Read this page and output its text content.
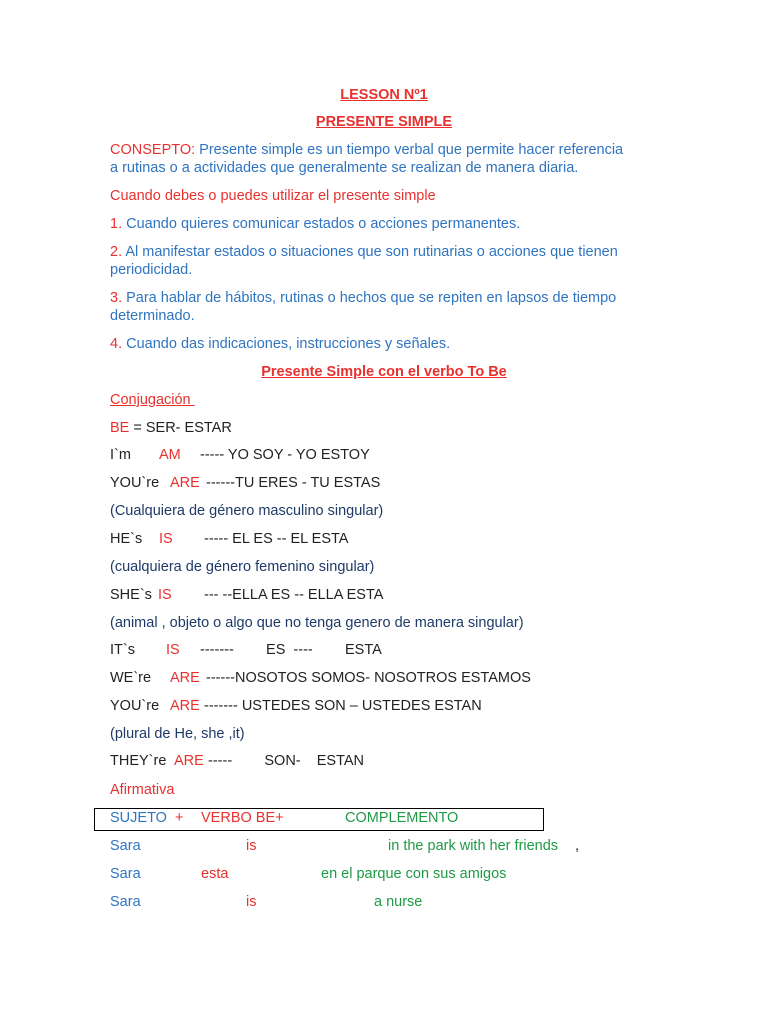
LESSON Nº1
PRESENTE SIMPLE
CONSEPTO: Presente simple es un tiempo verbal que permite hacer referencia
a rutinas o a actividades que generalmente se realizan de manera diaria.
Cuando debes o puedes utilizar el presente simple
1. Cuando quieres comunicar estados o acciones permanentes.
2. Al manifestar estados o situaciones que son rutinarias o acciones que tienen
periodicidad.
3. Para hablar de hábitos, rutinas o hechos que se repiten en lapsos de tiempo
determinado.
4. Cuando das indicaciones, instrucciones y señales.
Presente Simple con el verbo To Be
Conjugación
BE = SER- ESTAR
I`m AM ----- YO SOY - YO ESTOY
YOU`re ARE ------TU ERES - TU ESTAS
(Cualquiera de género masculino singular)
HE`s IS ----- EL ES -- EL ESTA
(cualquiera de género femenino singular)
SHE`s IS --- --ELLA ES -- ELLA ESTA
(animal , objeto o algo que no tenga genero de manera singular)
IT`s IS -------        ES  ----        ESTA
WE`re ARE ------NOSOTOS SOMOS- NOSOTROS ESTAMOS
YOU`re ARE ------- USTEDES SON – USTEDES ESTAN
(plural de He, she ,it)
THEY`re ARE -----        SON-    ESTAN
Afirmativa
SUJETO + VERBO BE+	COMPLEMENTO
Sara	is	in the park with her friends ,
Sara	esta	en el parque con sus amigos
Sara	is	a nurse
